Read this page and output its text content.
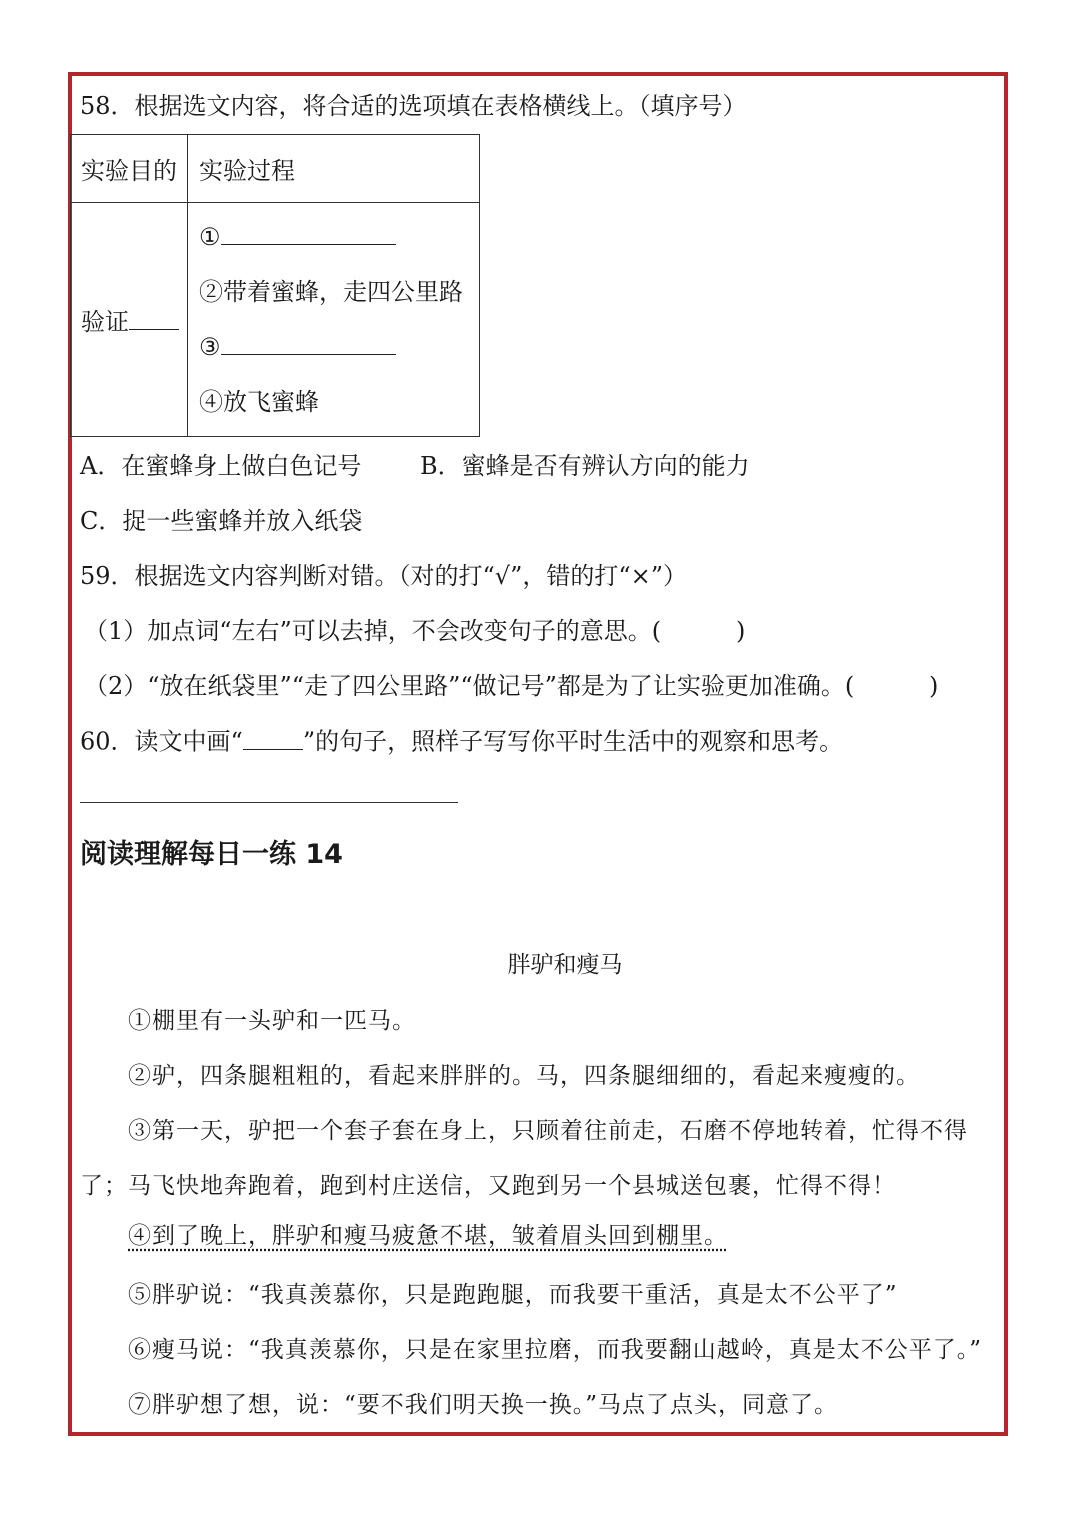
58．根据选文内容，将合适的选项填在表格横线上。（填序号）
实验目的	实验过程
验证	①
②带着蜜蜂，走四公里路
③
④放飞蜜蜂
A．在蜜蜂身上做白色记号 B．蜜蜂是否有辨认方向的能力
C．捉一些蜜蜂并放入纸袋
59．根据选文内容判断对错。（对的打“√”，错的打“×”）
（1）加点词“左右”可以去掉，不会改变句子的意思。(	)
（2）“放在纸袋里”“走了四公里路”“做记号”都是为了让实验更加准确。(	)
60．读文中画“	”的句子，照样子写写你平时生活中的观察和思考。
阅读理解每日一练 14
胖驴和瘦马
①棚里有一头驴和一匹马。
②驴，四条腿粗粗的，看起来胖胖的。马，四条腿细细的，看起来瘦瘦的。
③第一天，驴把一个套子套在身上，只顾着往前走，石磨不停地转着，忙得不得
了；马飞快地奔跑着，跑到村庄送信，又跑到另一个县城送包裹，忙得不得！
④到了晚上，胖驴和瘦马疲惫不堪，皱着眉头回到棚里。
⑤胖驴说：“我真羡慕你，只是跑跑腿，而我要干重活，真是太不公平了”
⑥瘦马说：“我真羡慕你，只是在家里拉磨，而我要翻山越岭，真是太不公平了。”
⑦胖驴想了想，说：“要不我们明天换一换。”马点了点头，同意了。
